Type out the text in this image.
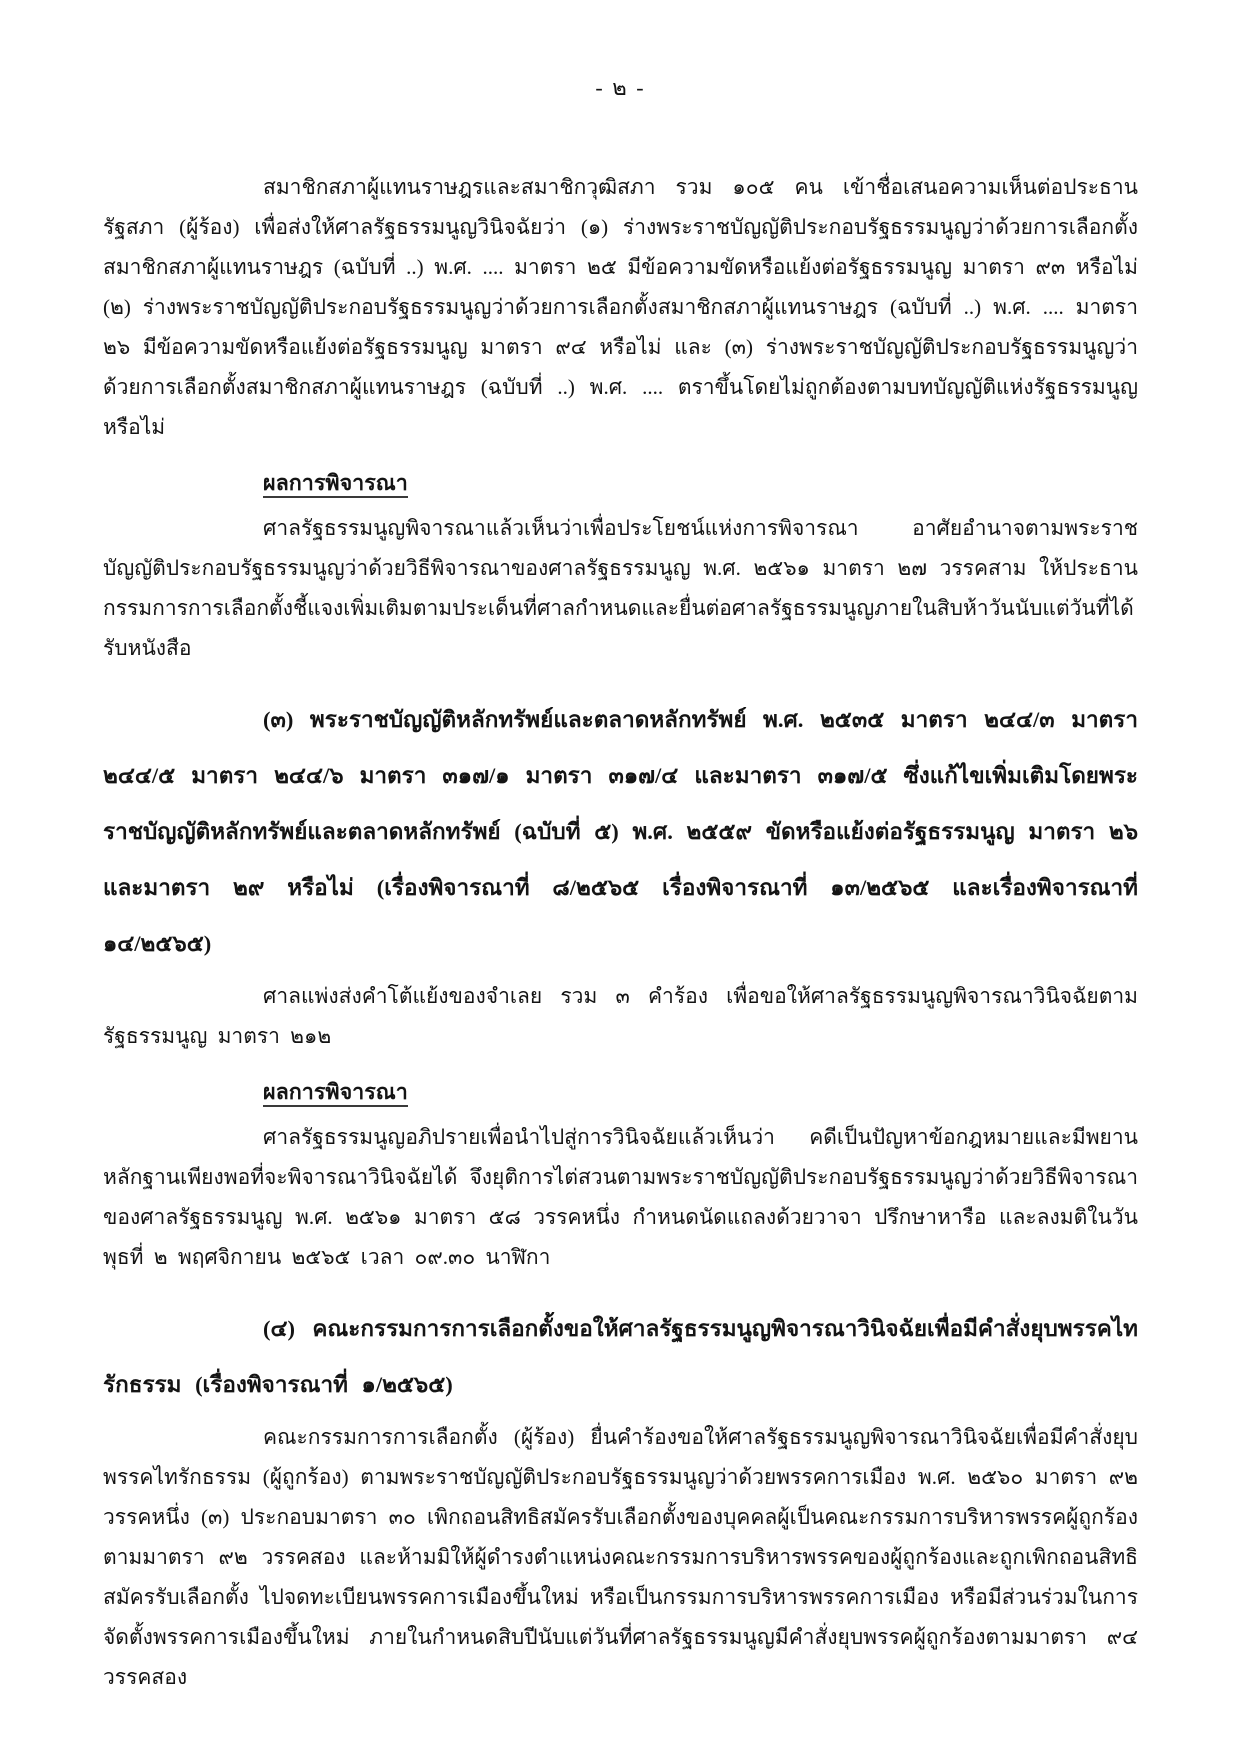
- ๒ -

สมาชิกสภาผู้แทนราษฎรและสมาชิกวุฒิสภา รวม ๑๐๕ คน เข้าชื่อเสนอความเห็นต่อประธานรัฐสภา (ผู้ร้อง) เพื่อส่งให้ศาลรัฐธรรมนูญวินิจฉัยว่า (๑) ร่างพระราชบัญญัติประกอบรัฐธรรมนูญว่าด้วยการเลือกตั้งสมาชิกสภาผู้แทนราษฎร (ฉบับที่ ..) พ.ศ. .... มาตรา ๒๕ มีข้อความขัดหรือแย้งต่อรัฐธรรมนูญ มาตรา ๙๓ หรือไม่ (๒) ร่างพระราชบัญญัติประกอบรัฐธรรมนูญว่าด้วยการเลือกตั้งสมาชิกสภาผู้แทนราษฎร (ฉบับที่ ..) พ.ศ. .... มาตรา ๒๖ มีข้อความขัดหรือแย้งต่อรัฐธรรมนูญ มาตรา ๙๔ หรือไม่ และ (๓) ร่างพระราชบัญญัติประกอบรัฐธรรมนูญว่าด้วยการเลือกตั้งสมาชิกสภาผู้แทนราษฎร (ฉบับที่ ..) พ.ศ. .... ตราขึ้นโดยไม่ถูกต้องตามบทบัญญัติแห่งรัฐธรรมนูญ หรือไม่

ผลการพิจารณา

ศาลรัฐธรรมนูญพิจารณาแล้วเห็นว่าเพื่อประโยชน์แห่งการพิจารณา อาศัยอำนาจตามพระราชบัญญัติประกอบรัฐธรรมนูญว่าด้วยวิธีพิจารณาของศาลรัฐธรรมนูญ พ.ศ. ๒๕๖๑ มาตรา ๒๗ วรรคสาม ให้ประธานกรรมการการเลือกตั้งชี้แจงเพิ่มเติมตามประเด็นที่ศาลกำหนดและยื่นต่อศาลรัฐธรรมนูญภายในสิบห้าวันนับแต่วันที่ได้รับหนังสือ

(๓) พระราชบัญญัติหลักทรัพย์และตลาดหลักทรัพย์ พ.ศ. ๒๕๓๕ มาตรา ๒๔๔/๓ มาตรา ๒๔๔/๕ มาตรา ๒๔๔/๖ มาตรา ๓๑๗/๑ มาตรา ๓๑๗/๔ และมาตรา ๓๑๗/๕ ซึ่งแก้ไขเพิ่มเติมโดยพระราชบัญญัติหลักทรัพย์และตลาดหลักทรัพย์ (ฉบับที่ ๕) พ.ศ. ๒๕๕๙ ขัดหรือแย้งต่อรัฐธรรมนูญ มาตรา ๒๖ และมาตรา ๒๙ หรือไม่ (เรื่องพิจารณาที่ ๘/๒๕๖๕ เรื่องพิจารณาที่ ๑๓/๒๕๖๕ และเรื่องพิจารณาที่ ๑๔/๒๕๖๕)

ศาลแพ่งส่งคำโต้แย้งของจำเลย รวม ๓ คำร้อง เพื่อขอให้ศาลรัฐธรรมนูญพิจารณาวินิจฉัยตามรัฐธรรมนูญ มาตรา ๒๑๒

ผลการพิจารณา

ศาลรัฐธรรมนูญอภิปรายเพื่อนำไปสู่การวินิจฉัยแล้วเห็นว่า คดีเป็นปัญหาข้อกฎหมายและมีพยานหลักฐานเพียงพอที่จะพิจารณาวินิจฉัยได้ จึงยุติการไต่สวนตามพระราชบัญญัติประกอบรัฐธรรมนูญว่าด้วยวิธีพิจารณาของศาลรัฐธรรมนูญ พ.ศ. ๒๕๖๑ มาตรา ๕๘ วรรคหนึ่ง กำหนดนัดแถลงด้วยวาจา ปรึกษาหารือ และลงมติในวันพุธที่ ๒ พฤศจิกายน ๒๕๖๕ เวลา ๐๙.๓๐ นาฬิกา

(๔) คณะกรรมการการเลือกตั้งขอให้ศาลรัฐธรรมนูญพิจารณาวินิจฉัยเพื่อมีคำสั่งยุบพรรคไทรักธรรม (เรื่องพิจารณาที่ ๑/๒๕๖๕)

คณะกรรมการการเลือกตั้ง (ผู้ร้อง) ยื่นคำร้องขอให้ศาลรัฐธรรมนูญพิจารณาวินิจฉัยเพื่อมีคำสั่งยุบพรรคไทรักธรรม (ผู้ถูกร้อง) ตามพระราชบัญญัติประกอบรัฐธรรมนูญว่าด้วยพรรคการเมือง พ.ศ. ๒๕๖๐ มาตรา ๙๒ วรรคหนึ่ง (๓) ประกอบมาตรา ๓๐ เพิกถอนสิทธิสมัครรับเลือกตั้งของบุคคลผู้เป็นคณะกรรมการบริหารพรรคผู้ถูกร้องตามมาตรา ๙๒ วรรคสอง และห้ามมิให้ผู้ดำรงตำแหน่งคณะกรรมการบริหารพรรคของผู้ถูกร้องและถูกเพิกถอนสิทธิสมัครรับเลือกตั้ง ไปจดทะเบียนพรรคการเมืองขึ้นใหม่ หรือเป็นกรรมการบริหารพรรคการเมือง หรือมีส่วนร่วมในการจัดตั้งพรรคการเมืองขึ้นใหม่ ภายในกำหนดสิบปีนับแต่วันที่ศาลรัฐธรรมนูญมีคำสั่งยุบพรรคผู้ถูกร้องตามมาตรา ๙๔ วรรคสอง
